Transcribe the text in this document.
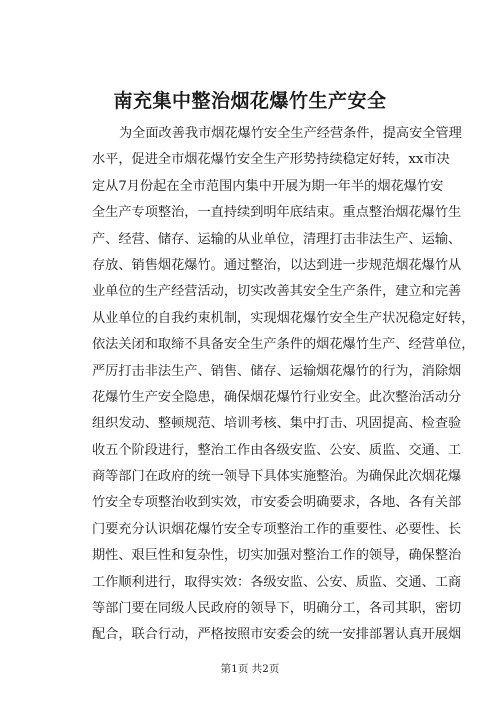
南充集中整治烟花爆竹生产安全
为全面改善我市烟花爆竹安全生产经营条件，提高安全管理
水平，促进全市烟花爆竹安全生产形势持续稳定好转，xx市决
定从7月份起在全市范围内集中开展为期一年半的烟花爆竹安
全生产专项整治，一直持续到明年底结束。重点整治烟花爆竹生
产、经营、储存、运输的从业单位，清理打击非法生产、运输、
存放、销售烟花爆竹。通过整治，以达到进一步规范烟花爆竹从
业单位的生产经营活动，切实改善其安全生产条件，建立和完善
从业单位的自我约束机制，实现烟花爆竹安全生产状况稳定好转，
依法关闭和取缔不具备安全生产条件的烟花爆竹生产、经营单位，
严厉打击非法生产、销售、储存、运输烟花爆竹的行为，消除烟
花爆竹生产安全隐患，确保烟花爆竹行业安全。此次整治活动分
组织发动、整顿规范、培训考核、集中打击、巩固提高、检查验
收五个阶段进行，整治工作由各级安监、公安、质监、交通、工
商等部门在政府的统一领导下具体实施整治。为确保此次烟花爆
竹安全专项整治收到实效，市安委会明确要求，各地、各有关部
门要充分认识烟花爆竹安全专项整治工作的重要性、必要性、长
期性、艰巨性和复杂性，切实加强对整治工作的领导，确保整治
工作顺利进行，取得实效：各级安监、公安、质监、交通、工商
等部门要在同级人民政府的领导下，明确分工，各司其职，密切
配合，联合行动，严格按照市安委会的统一安排部署认真开展烟
第1页 共2页
